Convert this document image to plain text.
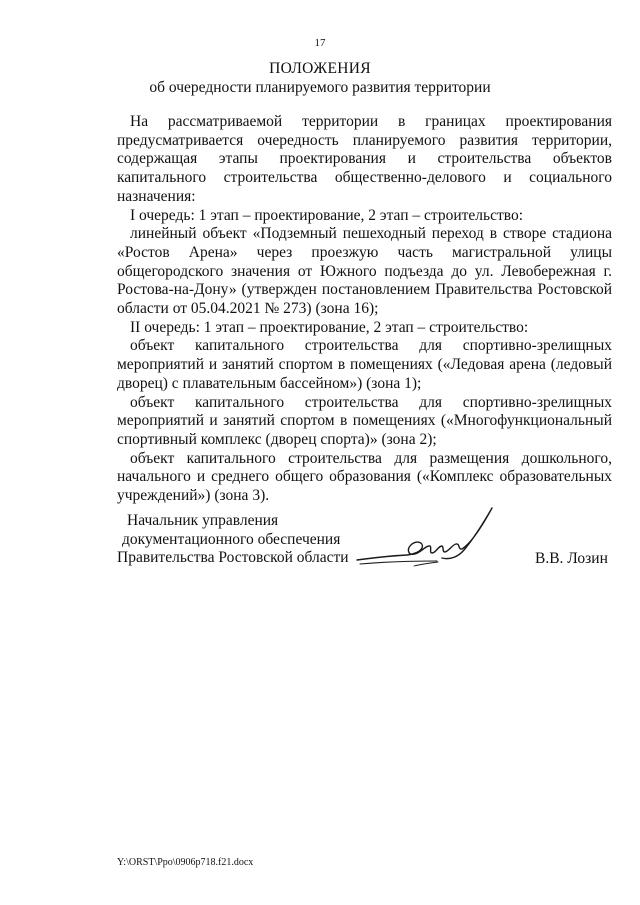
17
ПОЛОЖЕНИЯ
об очередности планируемого развития территории

На рассматриваемой территории в границах проектирования предусматривается очередность планируемого развития территории, содержащая этапы проектирования и строительства объектов капитального строительства общественно-делового и социального назначения:

I очередь: 1 этап – проектирование, 2 этап – строительство:

линейный объект «Подземный пешеходный переход в створе стадиона «Ростов Арена» через проезжую часть магистральной улицы общегородского значения от Южного подъезда до ул. Левобережная г. Ростова-на-Дону» (утвержден постановлением Правительства Ростовской области от 05.04.2021 № 273) (зона 16);

II очередь: 1 этап – проектирование, 2 этап – строительство:

объект капитального строительства для спортивно-зрелищных мероприятий и занятий спортом в помещениях («Ледовая арена (ледовый дворец) с плавательным бассейном») (зона 1);

объект капитального строительства для спортивно-зрелищных мероприятий и занятий спортом в помещениях («Многофункциональный спортивный комплекс (дворец спорта)» (зона 2);

объект капитального строительства для размещения дошкольного, начального и среднего общего образования («Комплекс образовательных учреждений») (зона 3).

Начальник управления
документационного обеспечения
Правительства Ростовской области	В.В. Лозин
Y:\ORST\Ppo\0906p718.f21.docx
